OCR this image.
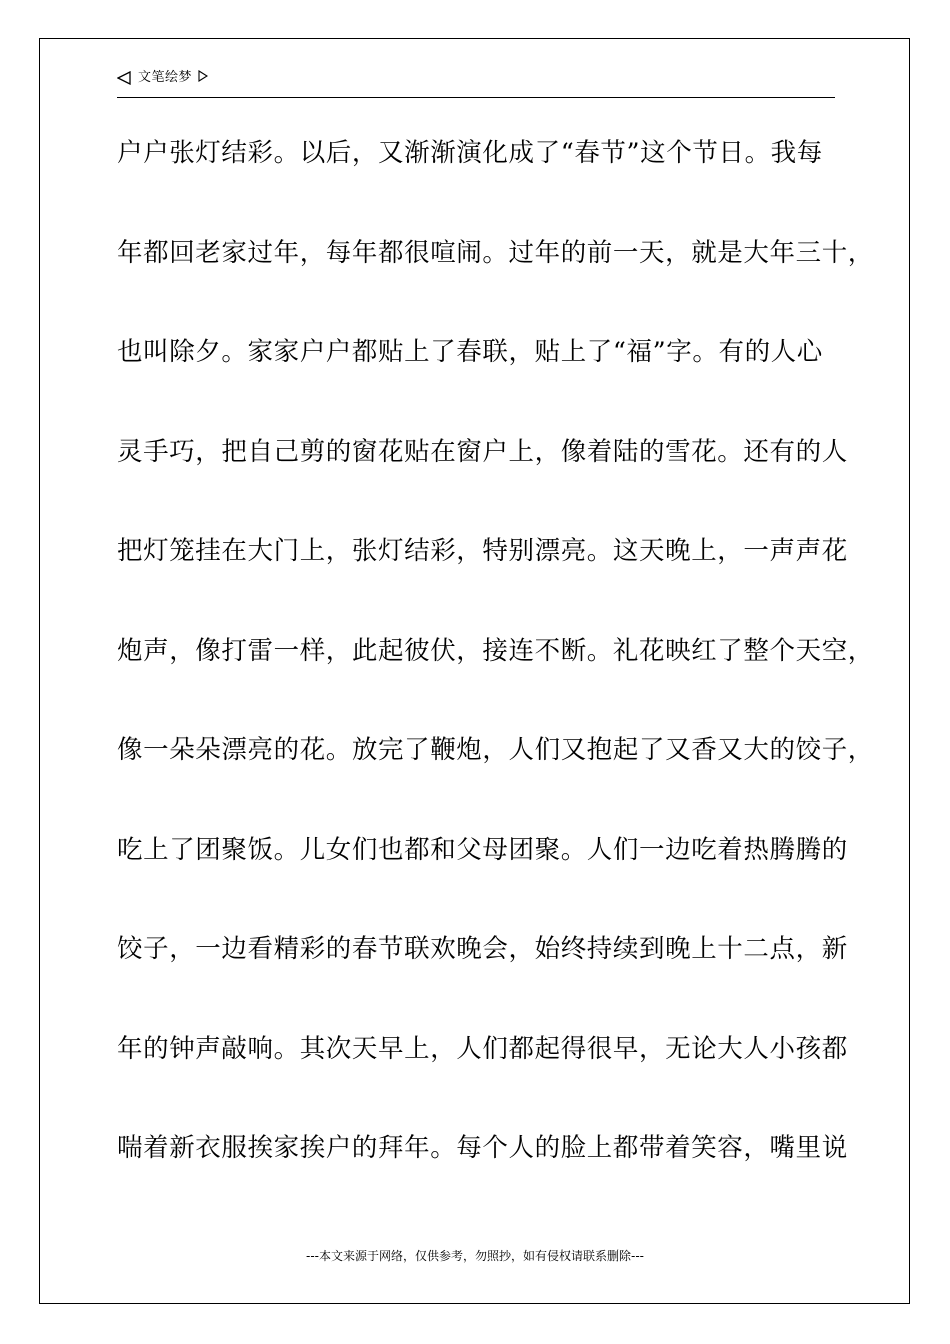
文笔绘梦
户户张灯结彩。以后，又渐渐演化成了“春节”这个节日。我每
年都回老家过年，每年都很喧闹。过年的前一天，就是大年三十，
也叫除夕。家家户户都贴上了春联，贴上了“福”字。有的人心
灵手巧，把自己剪的窗花贴在窗户上，像着陆的雪花。还有的人
把灯笼挂在大门上，张灯结彩，特别漂亮。这天晚上，一声声花
炮声，像打雷一样，此起彼伏，接连不断。礼花映红了整个天空，
像一朵朵漂亮的花。放完了鞭炮，人们又抱起了又香又大的饺子，
吃上了团聚饭。儿女们也都和父母团聚。人们一边吃着热腾腾的
饺子，一边看精彩的春节联欢晚会，始终持续到晚上十二点，新
年的钟声敲响。其次天早上，人们都起得很早，无论大人小孩都
喘着新衣服挨家挨户的拜年。每个人的脸上都带着笑容，嘴里说
---本文来源于网络，仅供参考，勿照抄，如有侵权请联系删除---
